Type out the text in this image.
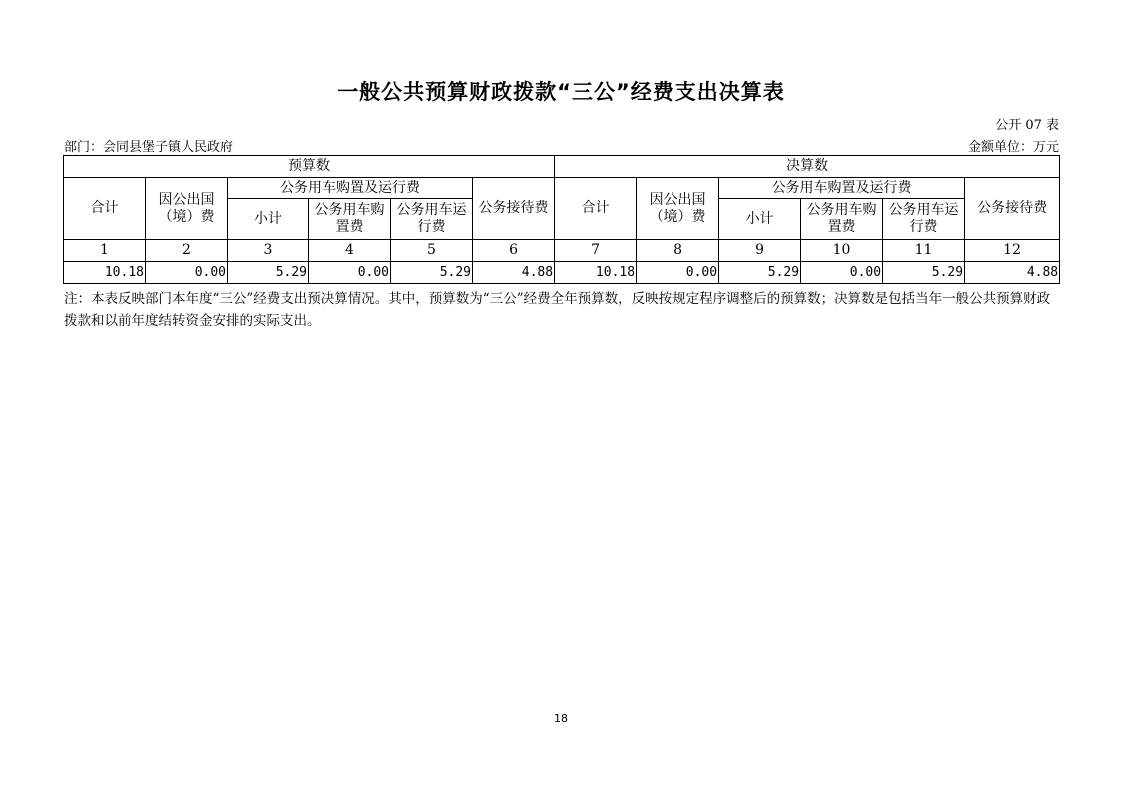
一般公共预算财政拨款“三公”经费支出决算表
公开 07 表
部门：会同县堡子镇人民政府	金额单位：万元
预算数						决算数					
合计	因公出国（境）费	公务用车购置及运行费			公务接待费	合计	因公出国（境）费	公务用车购置及运行费			公务接待费
		小计	公务用车购置费	公务用车运行费				小计	公务用车购置费	公务用车运行费	
1	2	3	4	5	6	7	8	9	10	11	12
10.18	0.00	5.29	0.00	5.29	4.88	10.18	0.00	5.29	0.00	5.29	4.88
注：本表反映部门本年度“三公”经费支出预决算情况。其中，预算数为“三公”经费全年预算数，反映按规定程序调整后的预算数；决算数是包括当年一般公共预算财政拨款和以前年度结转资金安排的实际支出。
18
